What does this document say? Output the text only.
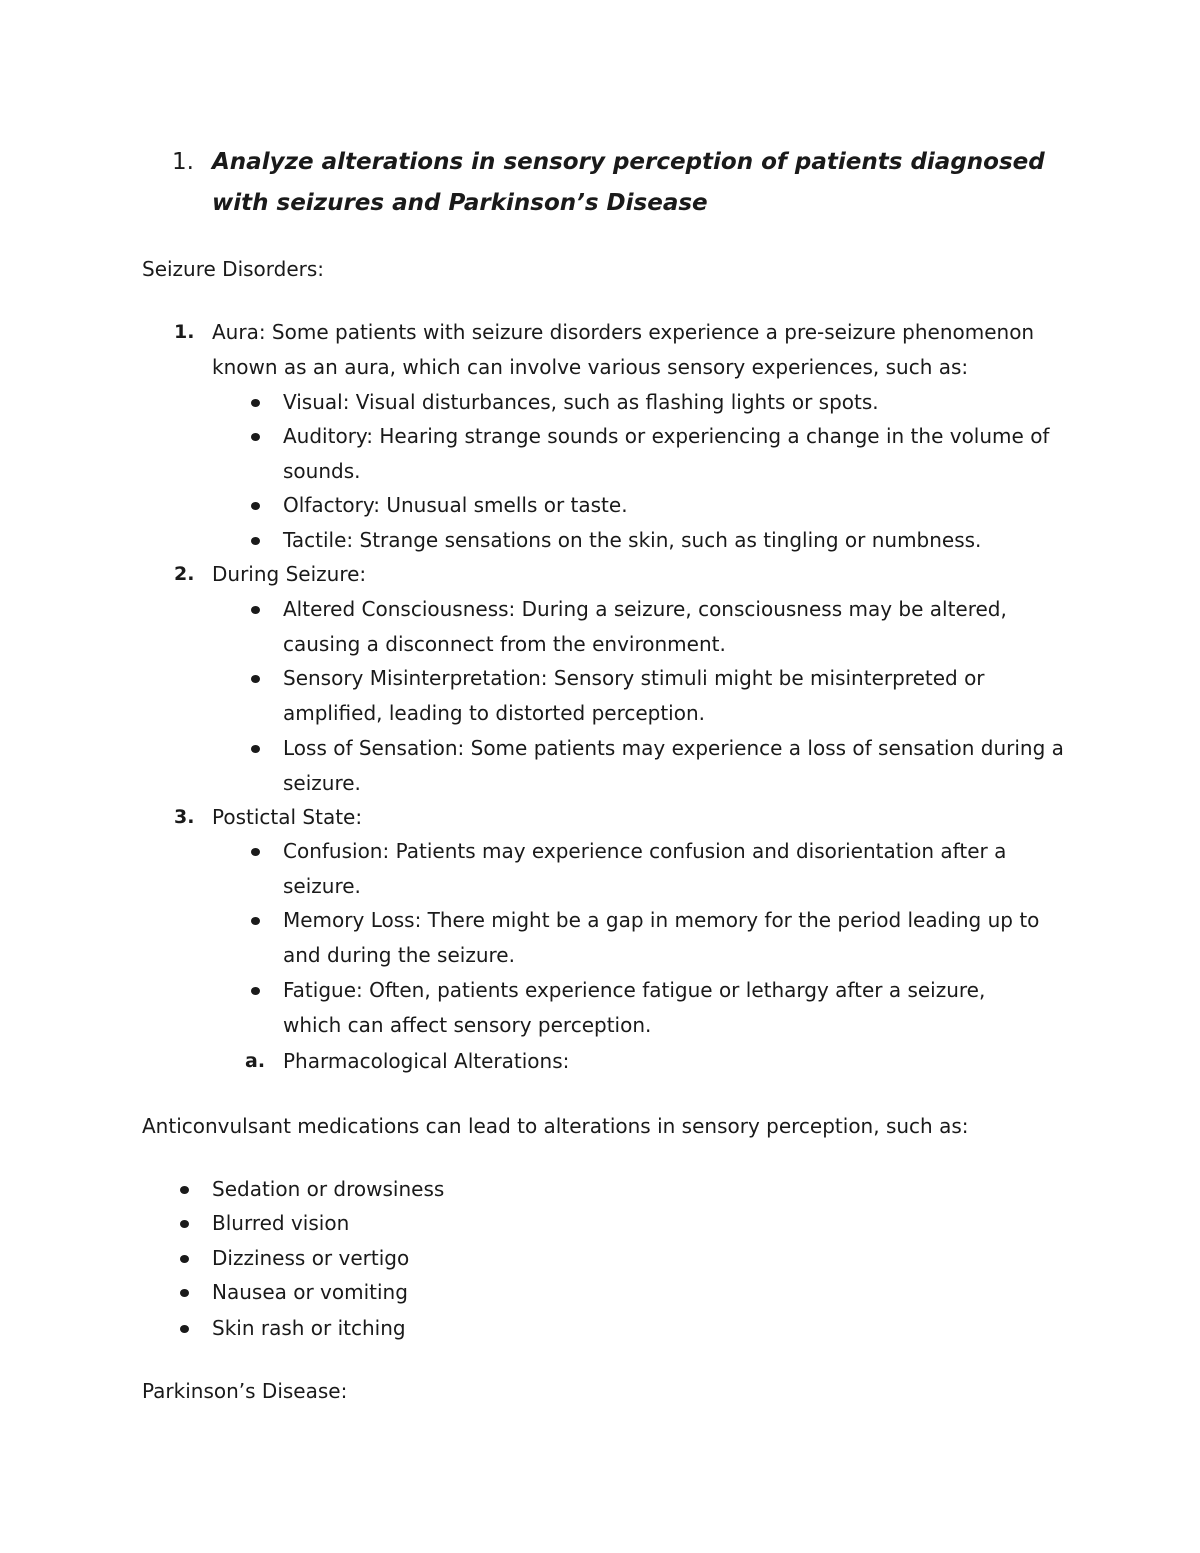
1. Analyze alterations in sensory perception of patients diagnosed with seizures and Parkinson’s Disease
Seizure Disorders:
1. Aura: Some patients with seizure disorders experience a pre-seizure phenomenon known as an aura, which can involve various sensory experiences, such as:
Visual: Visual disturbances, such as flashing lights or spots.
Auditory: Hearing strange sounds or experiencing a change in the volume of sounds.
Olfactory: Unusual smells or taste.
Tactile: Strange sensations on the skin, such as tingling or numbness.
2. During Seizure:
Altered Consciousness: During a seizure, consciousness may be altered, causing a disconnect from the environment.
Sensory Misinterpretation: Sensory stimuli might be misinterpreted or amplified, leading to distorted perception.
Loss of Sensation: Some patients may experience a loss of sensation during a seizure.
3. Postictal State:
Confusion: Patients may experience confusion and disorientation after a seizure.
Memory Loss: There might be a gap in memory for the period leading up to and during the seizure.
Fatigue: Often, patients experience fatigue or lethargy after a seizure, which can affect sensory perception.
a. Pharmacological Alterations:
Anticonvulsant medications can lead to alterations in sensory perception, such as:
Sedation or drowsiness
Blurred vision
Dizziness or vertigo
Nausea or vomiting
Skin rash or itching
Parkinson’s Disease:
